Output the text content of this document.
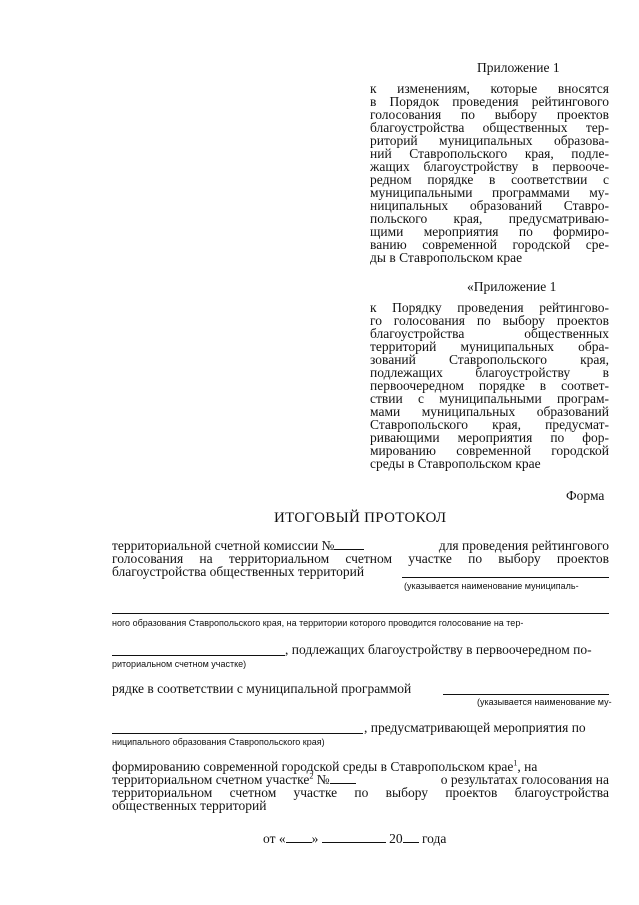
Приложение 1
к изменениям, которые вносятся
в Порядок проведения рейтингового
голосования по выбору проектов
благоустройства общественных тер-
риторий муниципальных образова-
ний Ставропольского края, подле-
жащих благоустройству в первооче-
редном порядке в соответствии с
муниципальными программами му-
ниципальных образований Ставро-
польского края, предусматриваю-
щими мероприятия по формиро-
ванию современной городской сре-
ды в Ставропольском крае
«Приложение 1
к Порядку проведения рейтингово-
го голосования по выбору проектов
благоустройства общественных
территорий муниципальных обра-
зований Ставропольского края,
подлежащих благоустройству в
первоочередном порядке в соответ-
ствии с муниципальными програм-
мами муниципальных образований
Ставропольского края, предусмат-
ривающими мероприятия по фор-
мированию современной городской
среды в Ставропольском крае
Форма
ИТОГОВЫЙ ПРОТОКОЛ
территориальной счетной комиссии №	для проведения рейтингового
голосования на территориальном счетном участке по выбору проектов
благоустройства общественных территорий
(указывается наименование муниципаль-
ного образования Ставропольского края, на территории которого проводится голосование на тер-
, подлежащих благоустройству в первоочередном по-
риториальном счетном участке)
рядке в соответствии с муниципальной программой
(указывается наименование му-
, предусматривающей мероприятия по
ниципального образования Ставропольского края)
формированию современной городской среды в Ставропольском крае$^1$, на
территориальном счетном участке$^2$ №	о результатах голосования на
территориальном счетном участке по выбору проектов благоустройства
общественных территорий
от « »	20 года
